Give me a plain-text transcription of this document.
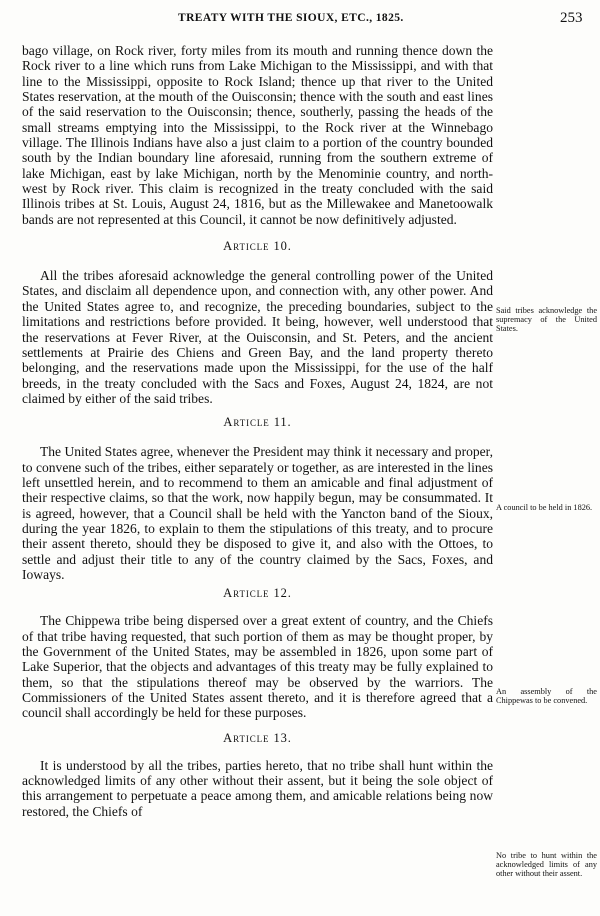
TREATY WITH THE SIOUX, ETC., 1825.	253

bago village, on Rock river, forty miles from its mouth and running thence down the Rock river to a line which runs from Lake Michigan to the Mississippi, and with that line to the Mississippi, opposite to Rock Island; thence up that river to the United States reservation, at the mouth of the Ouisconsin; thence with the south and east lines of the said reservation to the Ouisconsin; thence, southerly, passing the heads of the small streams emptying into the Mississippi, to the Rock river at the Winnebago village. The Illinois Indians have also a just claim to a portion of the country bounded south by the Indian boundary line aforesaid, running from the southern extreme of lake Michigan, east by lake Michigan, north by the Menominie country, and north-west by Rock river. This claim is recognized in the treaty concluded with the said Illinois tribes at St. Louis, August 24, 1816, but as the Millewakee and Manetoowalk bands are not represented at this Council, it cannot be now definitively adjusted.

Article 10.

All the tribes aforesaid acknowledge the general controlling power of the United States, and disclaim all dependence upon, and connection with, any other power. And the United States agree to, and recognize, the preceding boundaries, subject to the limitations and restrictions before provided. It being, however, well understood that the reservations at Fever River, at the Ouisconsin, and St. Peters, and the ancient settlements at Prairie des Chiens and Green Bay, and the land property thereto belonging, and the reservations made upon the Mississippi, for the use of the half breeds, in the treaty concluded with the Sacs and Foxes, August 24, 1824, are not claimed by either of the said tribes.

Article 11.

The United States agree, whenever the President may think it necessary and proper, to convene such of the tribes, either separately or together, as are interested in the lines left unsettled herein, and to recommend to them an amicable and final adjustment of their respective claims, so that the work, now happily begun, may be consummated. It is agreed, however, that a Council shall be held with the Yancton band of the Sioux, during the year 1826, to explain to them the stipulations of this treaty, and to procure their assent thereto, should they be disposed to give it, and also with the Ottoes, to settle and adjust their title to any of the country claimed by the Sacs, Foxes, and Ioways.

Article 12.

The Chippewa tribe being dispersed over a great extent of country, and the Chiefs of that tribe having requested, that such portion of them as may be thought proper, by the Government of the United States, may be assembled in 1826, upon some part of Lake Superior, that the objects and advantages of this treaty may be fully explained to them, so that the stipulations thereof may be observed by the warriors. The Commissioners of the United States assent thereto, and it is therefore agreed that a council shall accordingly be held for these purposes.

Article 13.

It is understood by all the tribes, parties hereto, that no tribe shall hunt within the acknowledged limits of any other without their assent, but it being the sole object of this arrangement to perpetuate a peace among them, and amicable relations being now restored, the Chiefs of

Said tribes acknowledge the supremacy of the United States.
A council to be held in 1826.
An assembly of the Chippewas to be convened.
No tribe to hunt within the acknowledged limits of any other without their assent.
